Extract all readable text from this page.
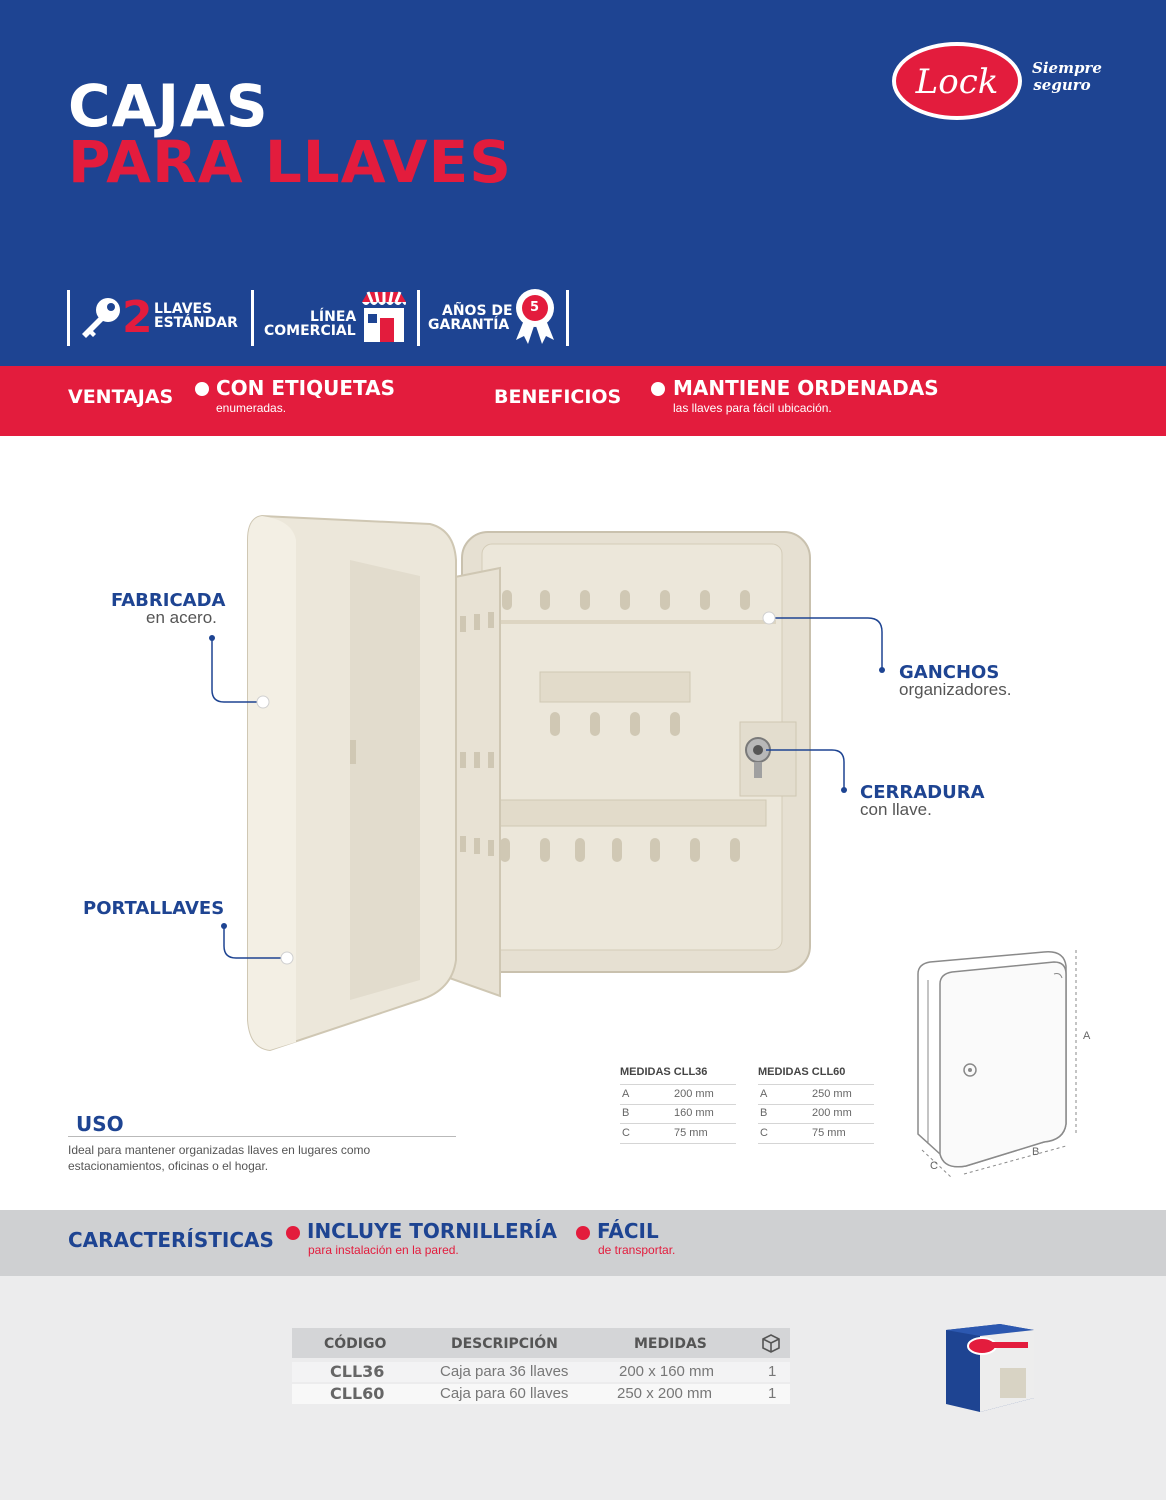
CAJAS
PARA LLAVES
Lock	Siempre
seguro
2 LLAVES
ESTÁNDAR	LÍNEA
COMERCIAL
AÑOS DE
GARANTÍA
5
VENTAJAS CON ETIQUETAS
enumeradas.	BENEFICIOS	MANTIENE ORDENADAS
las llaves para fácil ubicación.
FABRICADA
en acero.
PORTALLAVES
GANCHOS
organizadores.
CERRADURA
con llave.
MEDIDAS CLL36
A	200 mm
B	160 mm
C	75 mm
MEDIDAS CLL60
A	250 mm
B	200 mm
C	75 mm
A
B
C
USO
Ideal para mantener organizadas llaves en lugares como estacionamientos, oficinas o el hogar.
CARACTERÍSTICAS INCLUYE TORNILLERÍA
para instalación en la pared.
FÁCIL
de transportar.
CÓDIGO	DESCRIPCIÓN	MEDIDAS
CLL36	Caja para 36 llaves	200 x 160 mm	1
CLL60	Caja para 60 llaves	250 x 200 mm	1
